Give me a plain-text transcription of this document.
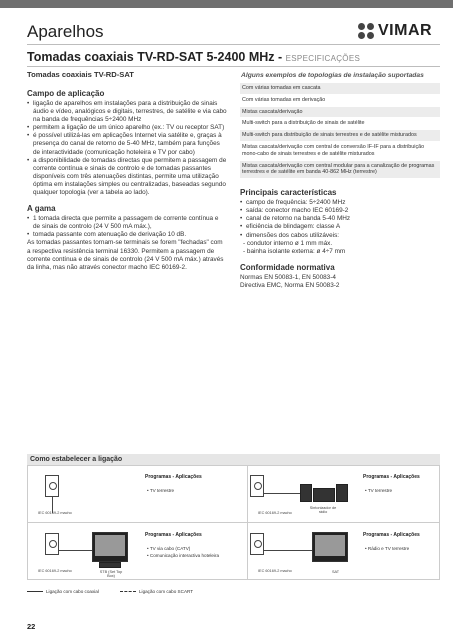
Aparelhos	VIMAR
Tomadas coaxiais TV-RD-SAT 5-2400 MHz - ESPECIFICAÇÕES
Tomadas coaxiais TV-RD-SAT
Campo de aplicação
• ligação de aparelhos em instalações para a distribuição de sinais áudio e vídeo, analógicos e digitais, terrestres, de satélite e via cabo na banda de frequências 5÷2400 MHz
• permitem a ligação de um único aparelho (ex.: TV ou receptor SAT)
• é possível utilizá-las em aplicações Internet via satélite e, graças à presença do canal de retorno de 5-40 MHz, também para funções de interactividade (comunicação hoteleira e TV por cabo)
• a disponibilidade de tomadas directas que permitem a passagem de corrente contínua e sinais de controlo e de tomadas passantes disponíveis com três atenuações distintas, permite uma utilização óptima em instalações simples ou centralizadas, baseadas segundo qualquer topologia (ver a tabela ao lado).
A gama
• 1 tomada directa que permite a passagem de corrente contínua e de sinais de controlo (24 V 500 mA máx.),
• tomada passante com atenuação de derivação 10 dB.
As tomadas passantes tornam-se terminais se forem "fechadas" com a respectiva resistência terminal 16330. Permitem a passagem de corrente contínua e de sinais de controlo (24 V 500 mA máx.) através da linha, mas não através conector macho IEC 60169-2.
Alguns exemplos de topologias de instalação suportadas
Com várias tomadas em cascata
Com várias tomadas em derivação
Mistas cascata/derivação
Multi-switch para a distribuição de sinais de satélite
Multi-switch para distribuição de sinais terrestres e de satélite misturados
Mistas cascata/derivação com central de conversão IF-IF para a distribuição mono-cabo de sinais terrestres e de satélite misturados
Mistas cascata/derivação com central modular para a canalização de programas terrestres e de satélite em banda 40-862 MHz (terrestre)
Principais características
• campo de frequência: 5÷2400 MHz
• saída: conector macho IEC 60169-2
• canal de retorno na banda 5-40 MHz
• eficiência de blindagem: classe A
• dimensões dos cabos utilizáveis:
- condutor interno ø 1 mm máx.
- bainha isolante externa: ø 4÷7 mm
Conformidade normativa
Normas EN 50083-1, EN 50083-4
Directiva EMC, Norma EN 50083-2
Como estabelecer a ligação
IEC 60169-2 macho
Programas - Aplicações
• TV terrestre
IEC 60169-2 macho
Sintonizador de rádio
Programas - Aplicações
• TV terrestre
IEC 60169-2 macho	STB (Set Top Box)
Programas - Aplicações
• TV via cabo (CATV)
• Comunicação interactiva hoteleira
IEC 60169-2 macho	SAT
Programas - Aplicações
• Rádio e TV terrestre
Ligação com cabo coaxial	Ligação com cabo SCART
22
